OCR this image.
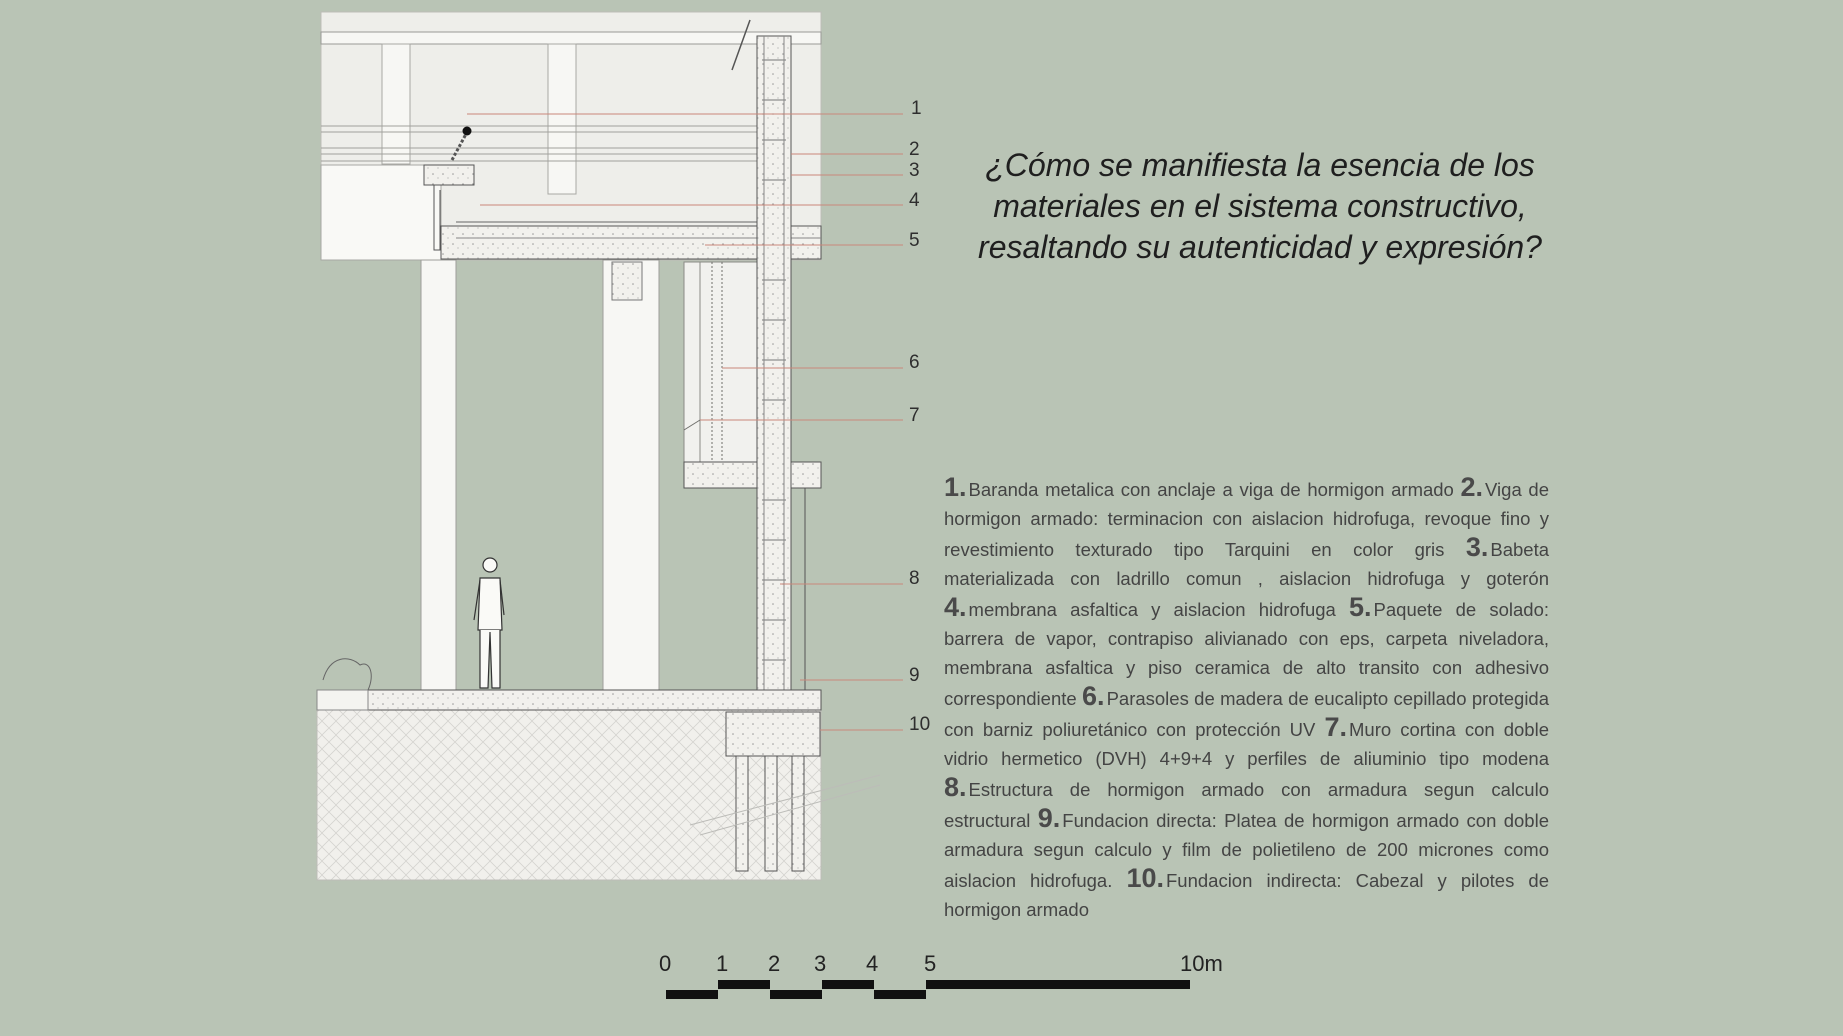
1
2
3
4
5
6
7
8
9
10
¿Cómo se manifiesta la esencia de los materiales en el sistema constructivo, resaltando su autenticidad y expresión?
1. Baranda metalica con anclaje a viga de hormigon armado 2. Viga de hormigon armado: terminacion con aislacion hidrofuga, revoque fino y revestimiento texturado tipo Tarquini en color gris 3. Babeta materializada con ladrillo comun , aislacion hidrofuga y goterón 4. membrana asfaltica y aislacion hidrofuga 5. Paquete de solado: barrera de vapor, contrapiso alivianado con eps, carpeta niveladora, membrana asfaltica y piso ceramica de alto transito con adhesivo correspondiente 6. Parasoles de madera de eucalipto cepillado protegida con barniz poliuretánico con protección UV 7. Muro cortina con doble vidrio hermetico (DVH) 4+9+4 y perfiles de aliuminio tipo modena 8. Estructura de hormigon armado con armadura segun calculo estructural 9. Fundacion directa: Platea de hormigon armado con doble armadura segun calculo y film de polietileno de 200 micrones como aislacion hidrofuga. 10. Fundacion indirecta: Cabezal y pilotes de hormigon armado
0 1 2 3 4 5	10m
